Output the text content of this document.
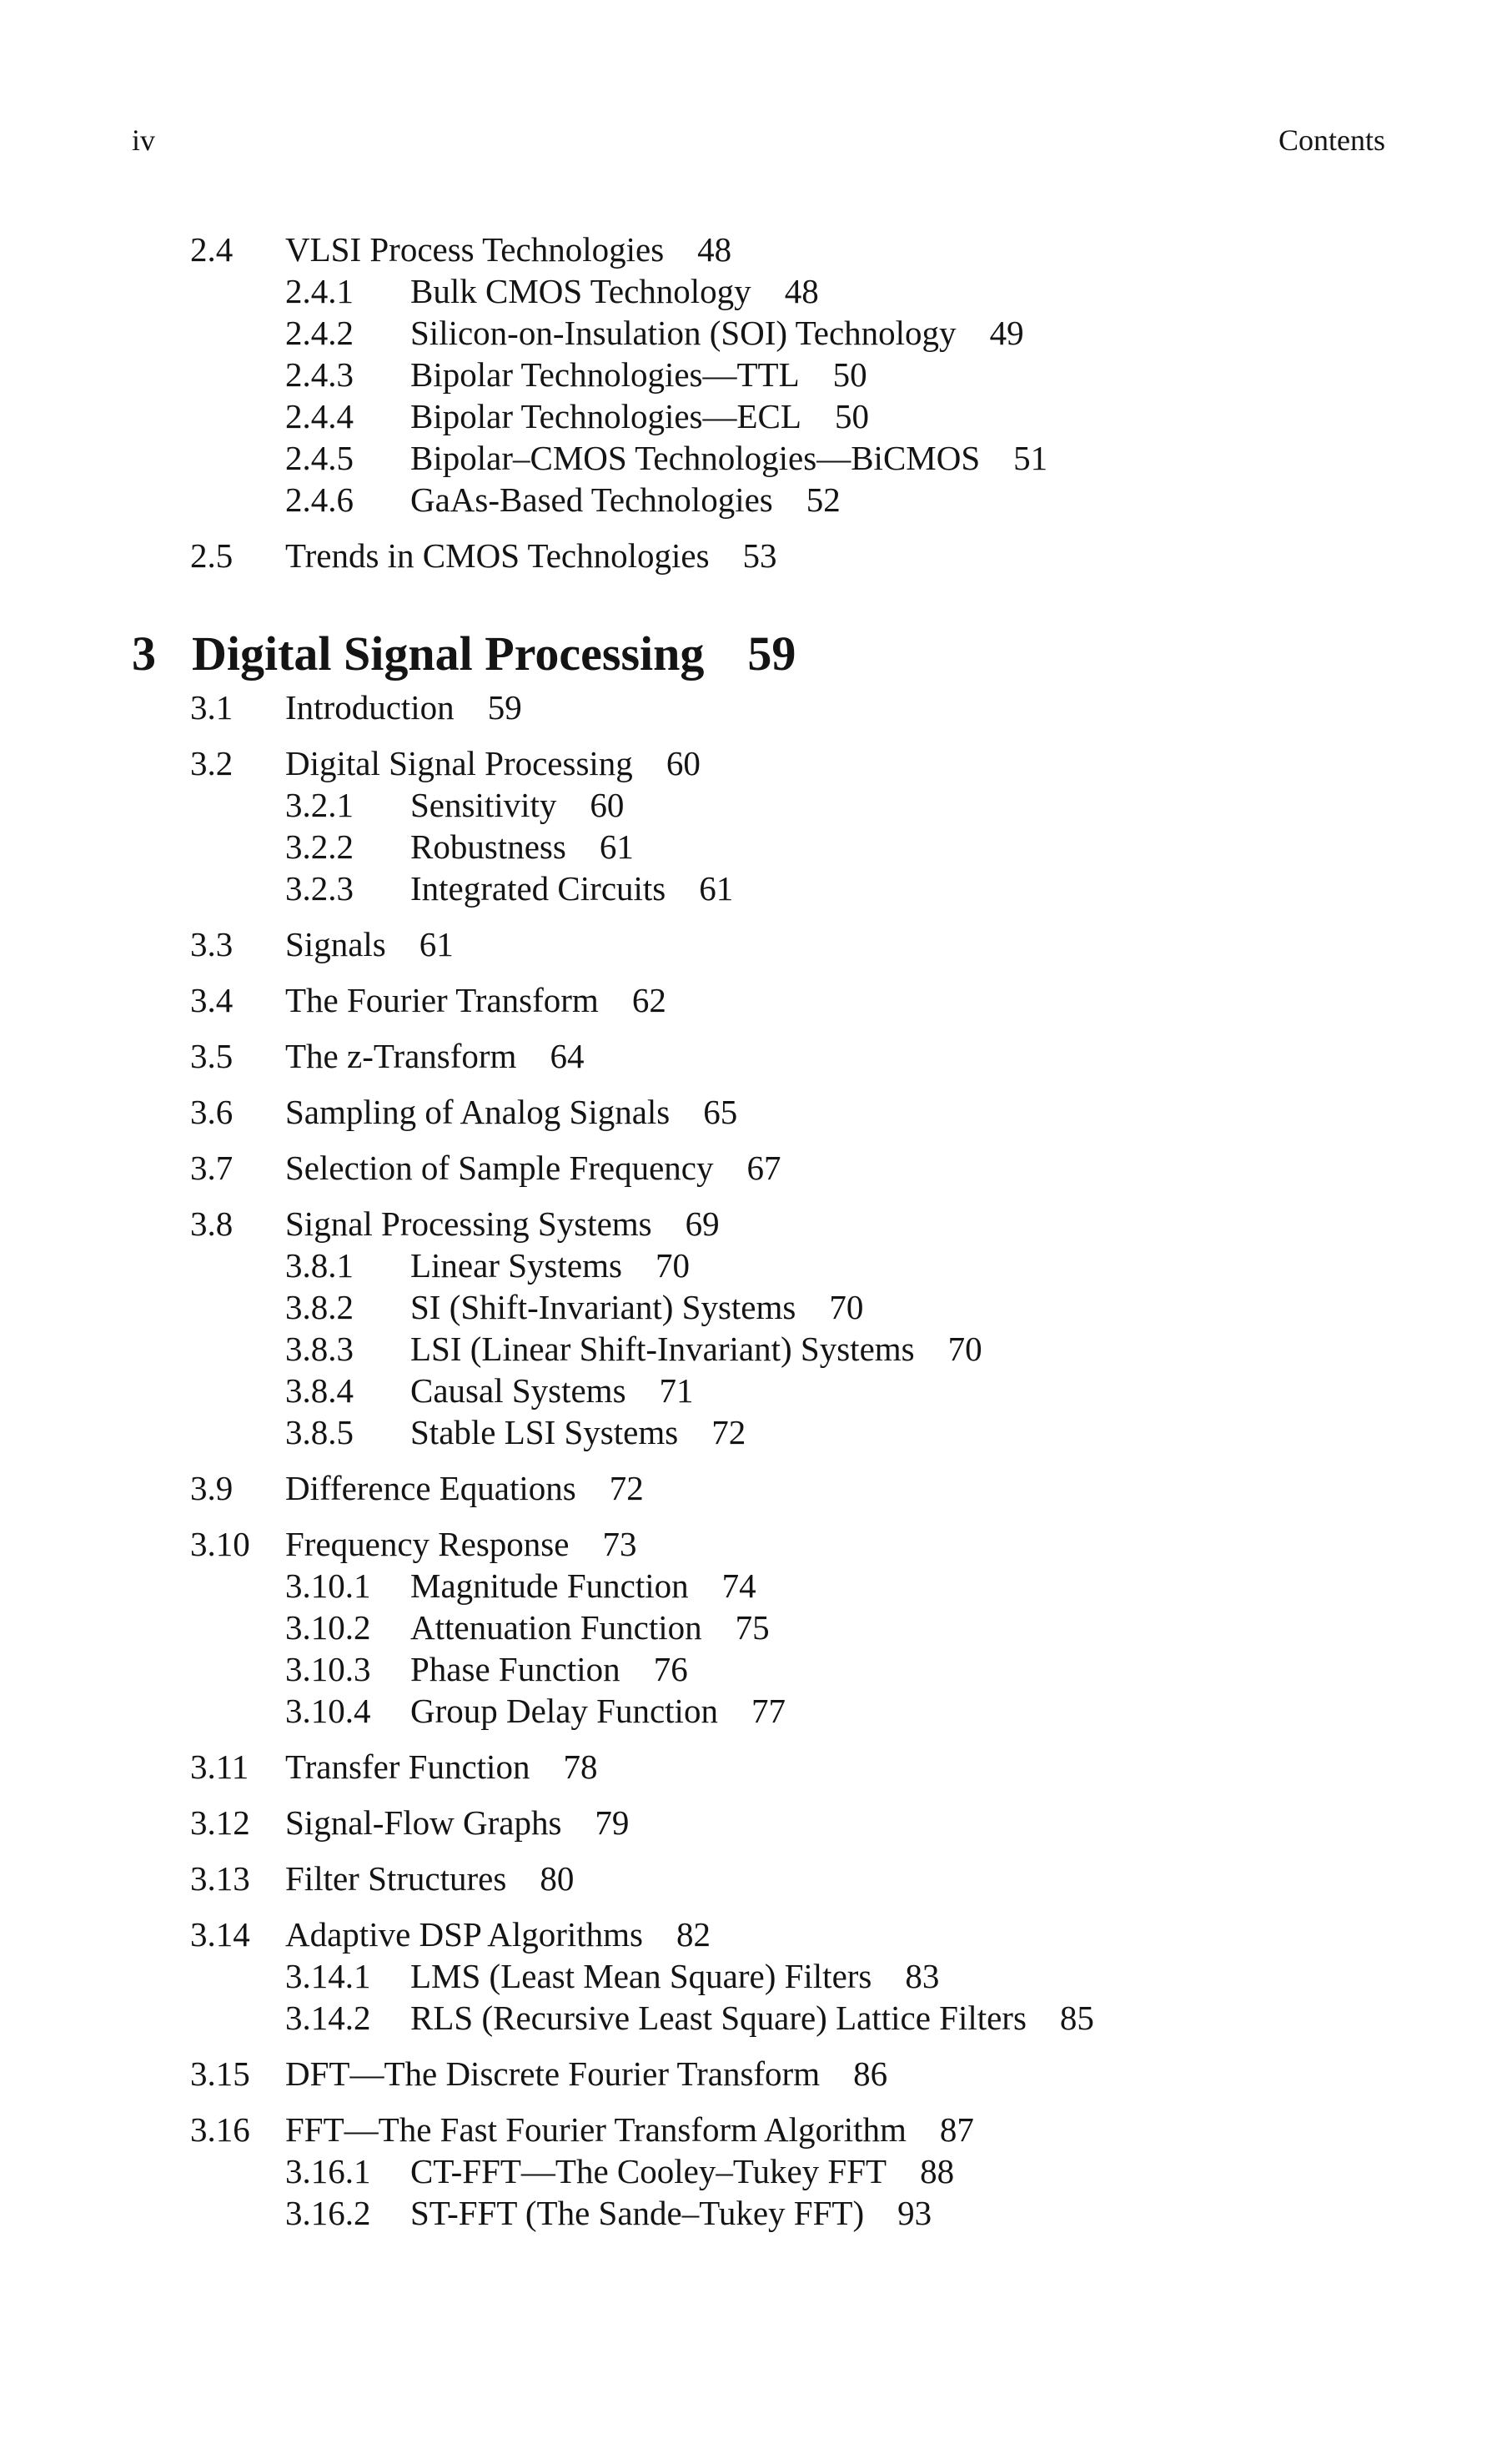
iv	Contents
2.4 VLSI Process Technologies 48
2.4.1 Bulk CMOS Technology 48
2.4.2 Silicon-on-Insulation (SOI) Technology 49
2.4.3 Bipolar Technologies—TTL 50
2.4.4 Bipolar Technologies—ECL 50
2.4.5 Bipolar–CMOS Technologies—BiCMOS 51
2.4.6 GaAs-Based Technologies 52
2.5 Trends in CMOS Technologies 53
3 Digital Signal Processing 59
3.1 Introduction 59
3.2 Digital Signal Processing 60
3.2.1 Sensitivity 60
3.2.2 Robustness 61
3.2.3 Integrated Circuits 61
3.3 Signals 61
3.4 The Fourier Transform 62
3.5 The z-Transform 64
3.6 Sampling of Analog Signals 65
3.7 Selection of Sample Frequency 67
3.8 Signal Processing Systems 69
3.8.1 Linear Systems 70
3.8.2 SI (Shift-Invariant) Systems 70
3.8.3 LSI (Linear Shift-Invariant) Systems 70
3.8.4 Causal Systems 71
3.8.5 Stable LSI Systems 72
3.9 Difference Equations 72
3.10 Frequency Response 73
3.10.1 Magnitude Function 74
3.10.2 Attenuation Function 75
3.10.3 Phase Function 76
3.10.4 Group Delay Function 77
3.11 Transfer Function 78
3.12 Signal-Flow Graphs 79
3.13 Filter Structures 80
3.14 Adaptive DSP Algorithms 82
3.14.1 LMS (Least Mean Square) Filters 83
3.14.2 RLS (Recursive Least Square) Lattice Filters 85
3.15 DFT—The Discrete Fourier Transform 86
3.16 FFT—The Fast Fourier Transform Algorithm 87
3.16.1 CT-FFT—The Cooley–Tukey FFT 88
3.16.2 ST-FFT (The Sande–Tukey FFT) 93
